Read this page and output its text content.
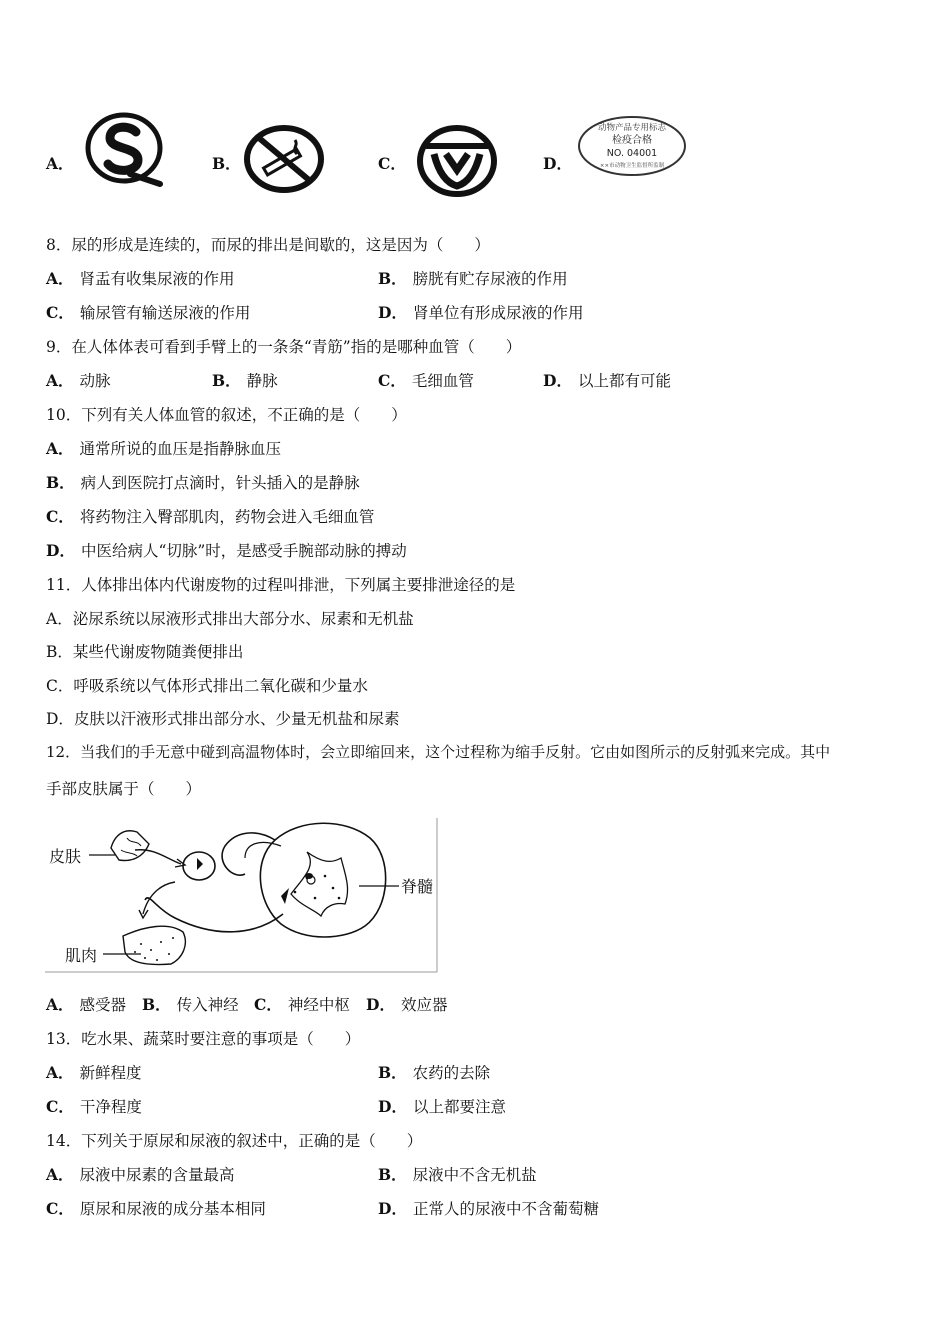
A．	B．	C．	D．
动物产品专用标志
检疫合格
NO. 04001
××市动物卫生监督所监制
8．尿的形成是连续的，而尿的排出是间歇的，这是因为（　　）
A． 肾盂有收集尿液的作用	B． 膀胱有贮存尿液的作用
C． 输尿管有输送尿液的作用	D． 肾单位有形成尿液的作用
9．在人体体表可看到手臂上的一条条“青筋”指的是哪种血管（　　）
A． 动脉	B． 静脉	C． 毛细血管	D． 以上都有可能
10．下列有关人体血管的叙述，不正确的是（　　）
A． 通常所说的血压是指静脉血压
B． 病人到医院打点滴时，针头插入的是静脉
C． 将药物注入臀部肌肉，药物会进入毛细血管
D． 中医给病人“切脉”时，是感受手腕部动脉的搏动
11．人体排出体内代谢废物的过程叫排泄，下列属主要排泄途径的是
A．泌尿系统以尿液形式排出大部分水、尿素和无机盐
B．某些代谢废物随粪便排出
C．呼吸系统以气体形式排出二氧化碳和少量水
D．皮肤以汗液形式排出部分水、少量无机盐和尿素
12．当我们的手无意中碰到高温物体时，会立即缩回来，这个过程称为缩手反射。它由如图所示的反射弧来完成。其中
手部皮肤属于（　　）
皮肤
肌肉
脊髓
A． 感受器 B． 传入神经 C． 神经中枢 D． 效应器
13．吃水果、蔬菜时要注意的事项是（　　）
A． 新鲜程度	B． 农药的去除
C． 干净程度	D． 以上都要注意
14．下列关于原尿和尿液的叙述中，正确的是（　　）
A． 尿液中尿素的含量最高	B． 尿液中不含无机盐
C． 原尿和尿液的成分基本相同	D． 正常人的尿液中不含葡萄糖
